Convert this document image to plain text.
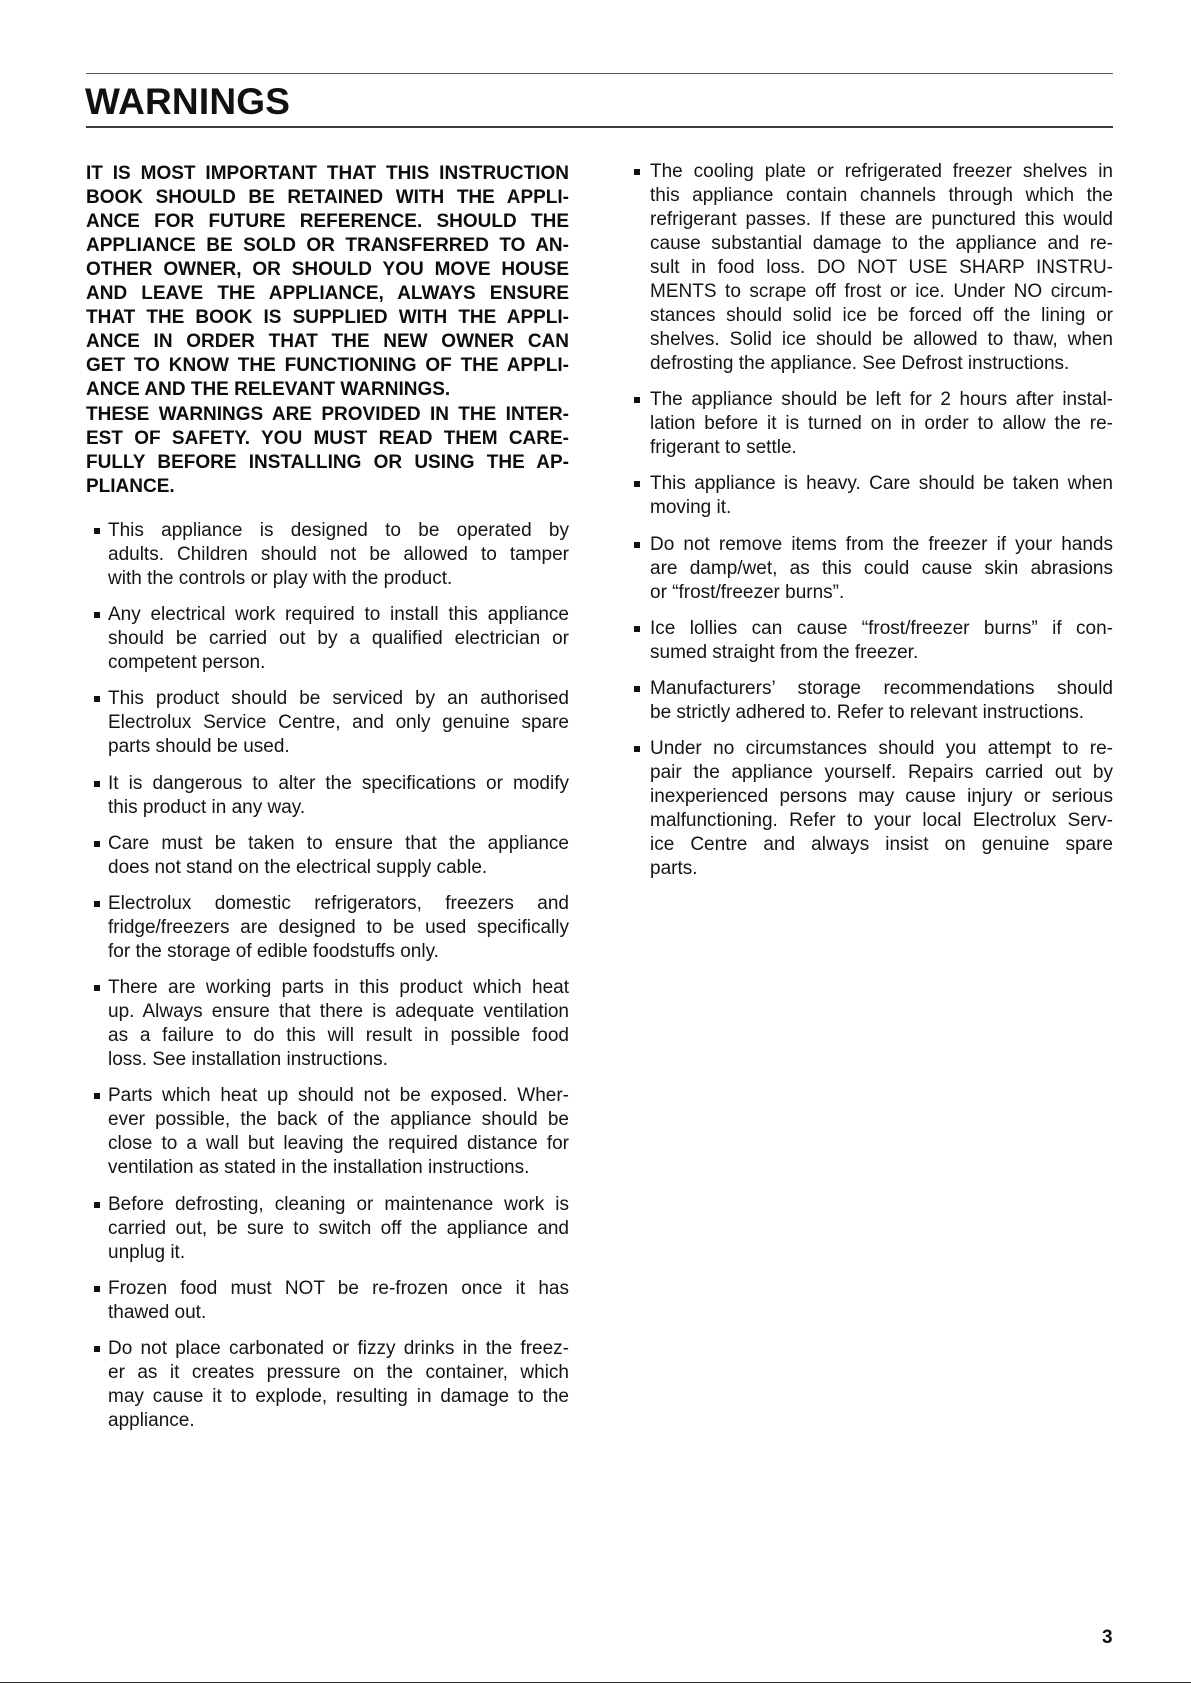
WARNINGS
IT IS MOST IMPORTANT THAT THIS INSTRUCTION
BOOK SHOULD BE RETAINED WITH THE APPLI-
ANCE FOR FUTURE REFERENCE. SHOULD THE
APPLIANCE BE SOLD OR TRANSFERRED TO AN-
OTHER OWNER, OR SHOULD YOU MOVE HOUSE
AND LEAVE THE APPLIANCE, ALWAYS ENSURE
THAT THE BOOK IS SUPPLIED WITH THE APPLI-
ANCE IN ORDER THAT THE NEW OWNER CAN
GET TO KNOW THE FUNCTIONING OF THE APPLI-
ANCE AND THE RELEVANT WARNINGS.
THESE WARNINGS ARE PROVIDED IN THE INTER-
EST OF SAFETY. YOU MUST READ THEM CARE-
FULLY BEFORE INSTALLING OR USING THE AP-
PLIANCE.
This appliance is designed to be operated by
adults. Children should not be allowed to tamper
with the controls or play with the product.
Any electrical work required to install this appliance
should be carried out by a qualified electrician or
competent person.
This product should be serviced by an authorised
Electrolux Service Centre, and only genuine spare
parts should be used.
It is dangerous to alter the specifications or modify
this product in any way.
Care must be taken to ensure that the appliance
does not stand on the electrical supply cable.
Electrolux domestic refrigerators, freezers and
fridge/freezers are designed to be used specifically
for the storage of edible foodstuffs only.
There are working parts in this product which heat
up. Always ensure that there is adequate ventilation
as a failure to do this will result in possible food
loss. See installation instructions.
Parts which heat up should not be exposed. Wher-
ever possible, the back of the appliance should be
close to a wall but leaving the required distance for
ventilation as stated in the installation instructions.
Before defrosting, cleaning or maintenance work is
carried out, be sure to switch off the appliance and
unplug it.
Frozen food must NOT be re-frozen once it has
thawed out.
Do not place carbonated or fizzy drinks in the freez-
er as it creates pressure on the container, which
may cause it to explode, resulting in damage to the
appliance.
The cooling plate or refrigerated freezer shelves in
this appliance contain channels through which the
refrigerant passes. If these are punctured this would
cause substantial damage to the appliance and re-
sult in food loss. DO NOT USE SHARP INSTRU-
MENTS to scrape off frost or ice. Under NO circum-
stances should solid ice be forced off the lining or
shelves. Solid ice should be allowed to thaw, when
defrosting the appliance. See Defrost instructions.
The appliance should be left for 2 hours after instal-
lation before it is turned on in order to allow the re-
frigerant to settle.
This appliance is heavy. Care should be taken when
moving it.
Do not remove items from the freezer if your hands
are damp/wet, as this could cause skin abrasions
or “frost/freezer burns”.
Ice lollies can cause “frost/freezer burns” if con-
sumed straight from the freezer.
Manufacturers’ storage recommendations should
be strictly adhered to. Refer to relevant instructions.
Under no circumstances should you attempt to re-
pair the appliance yourself. Repairs carried out by
inexperienced persons may cause injury or serious
malfunctioning. Refer to your local Electrolux Serv-
ice Centre and always insist on genuine spare
parts.
3
